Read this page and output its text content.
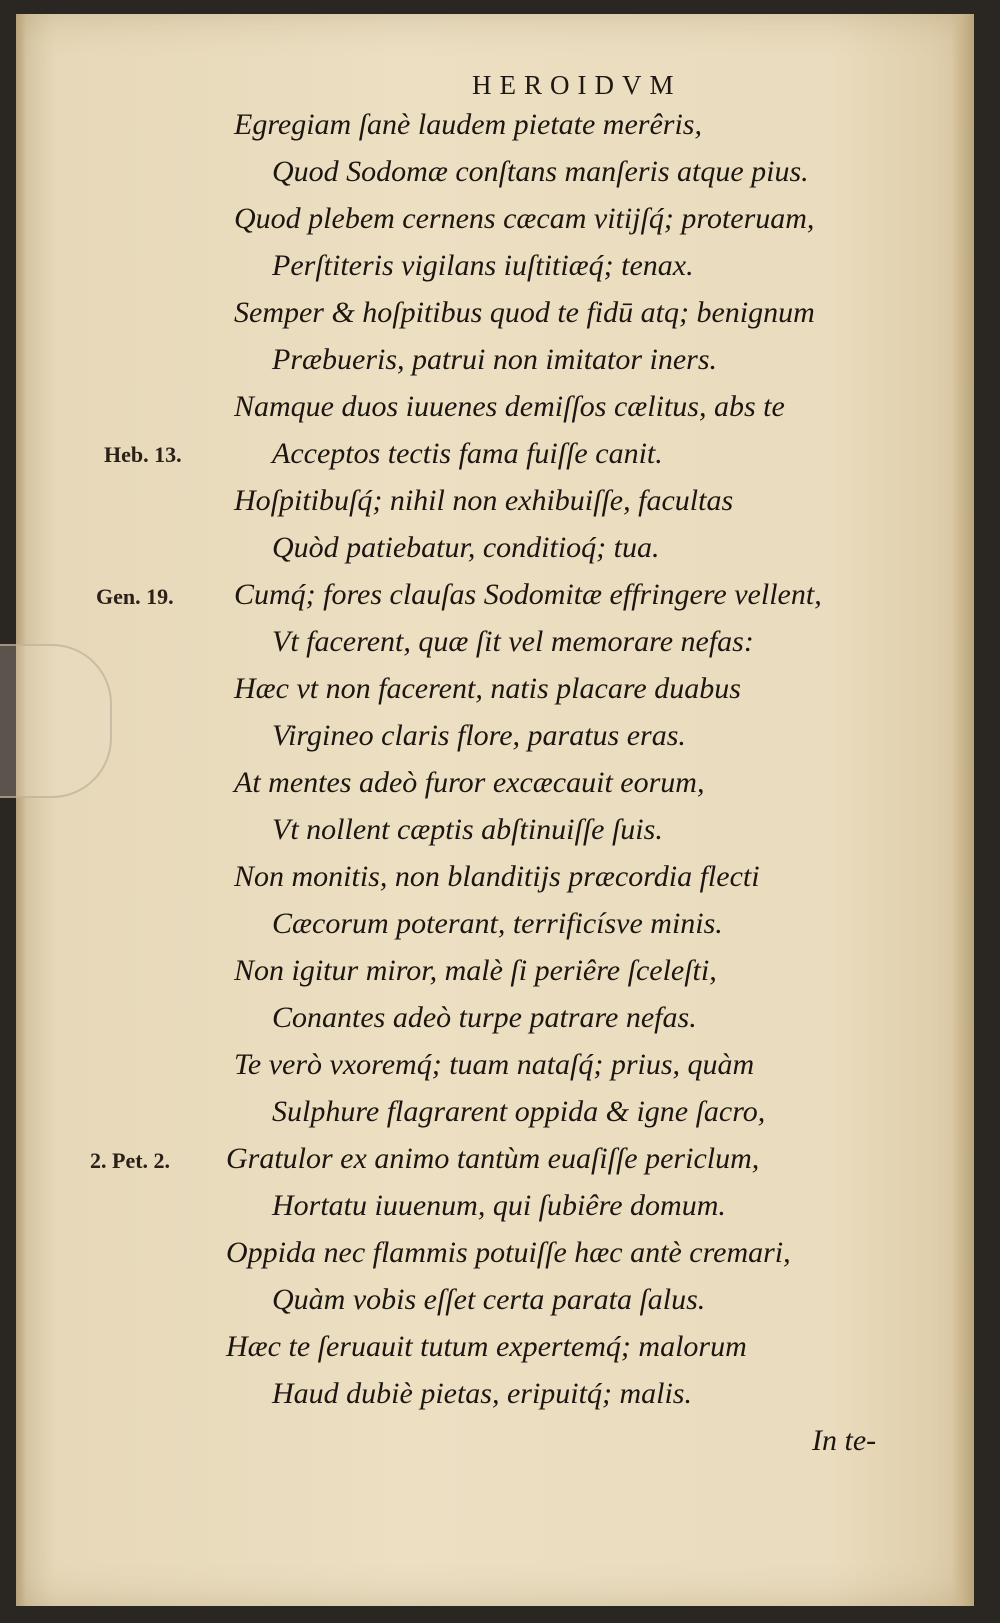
HEROIDVM

Egregiam ſanè laudem pietate merêris,

Quod Sodomæ conſtans manſeris atque pius.

Quod plebem cernens cæcam vitijſq́; proteruam,

Perſtiteris vigilans iuſtitiæq́; tenax.

Semper & hoſpitibus quod te fidū atq; benignum

Præbueris, patrui non imitator iners.

Namque duos iuuenes demiſſos cælitus, abs te

Acceptos tectis fama fuiſſe canit.

Hoſpitibuſq́; nihil non exhibuiſſe, facultas

Quòd patiebatur, conditioq́; tua.

Cumq́; fores clauſas Sodomitæ effringere vellent,

Vt facerent, quæ ſit vel memorare nefas:

Hæc vt non facerent, natis placare duabus

Virgineo claris flore, paratus eras.

At mentes adeò furor excæcauit eorum,

Vt nollent cæptis abſtinuiſſe ſuis.

Non monitis, non blanditijs præcordia flecti

Cæcorum poterant, terrificísve minis.

Non igitur miror, malè ſi periêre ſceleſti,

Conantes adeò turpe patrare nefas.

Te verò vxoremq́; tuam nataſq́; prius, quàm

Sulphure flagrarent oppida & igne ſacro,

Gratulor ex animo tantùm euaſiſſe periclum,

Hortatu iuuenum, qui ſubiêre domum.

Oppida nec flammis potuiſſe hæc antè cremari,

Quàm vobis eſſet certa parata ſalus.

Hæc te ſeruauit tutum expertemq́; malorum

Haud dubiè pietas, eripuitq́; malis.

Heb. 13.
Gen. 19.
2. Pet. 2.
In te-
